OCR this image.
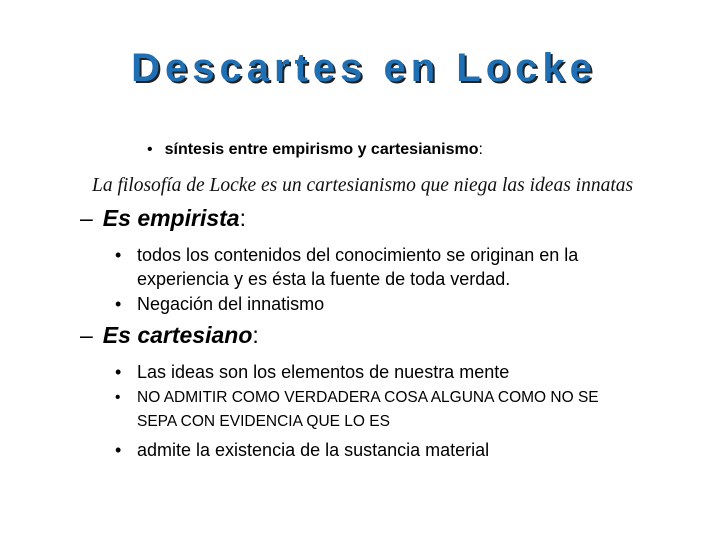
Descartes en Locke
• síntesis entre empirismo y cartesianismo:
La filosofía de Locke es un cartesianismo que niega las ideas innatas
– Es empirista:
• todos los contenidos del conocimiento se originan en la
experiencia y es ésta la fuente de toda verdad.
• Negación del innatismo
– Es cartesiano:
• Las ideas son los elementos de nuestra mente
•	NO ADMITIR COMO VERDADERA COSA ALGUNA COMO NO SE
SEPA CON EVIDENCIA QUE LO ES
• admite la existencia de la sustancia material
